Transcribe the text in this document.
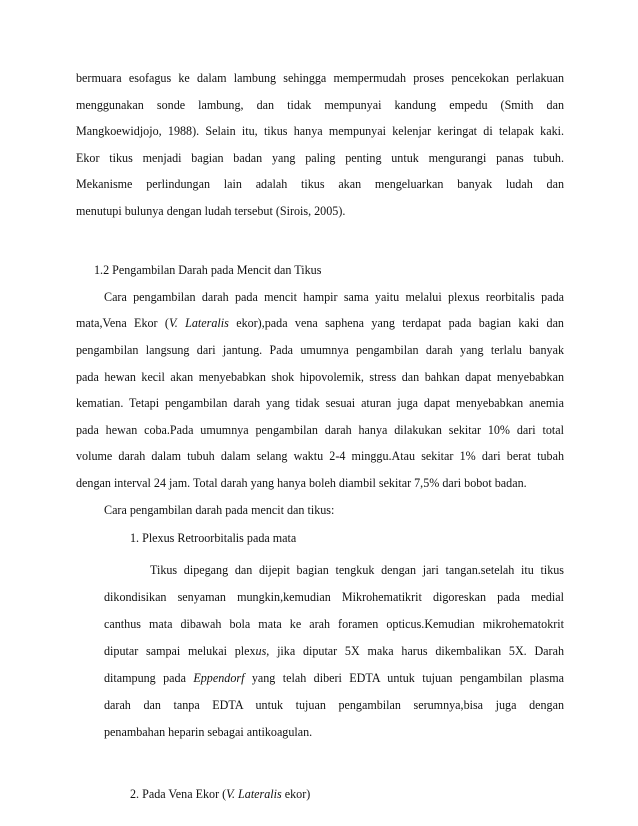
bermuara esofagus ke dalam lambung sehingga mempermudah proses pencekokan perlakuan
menggunakan sonde lambung, dan tidak mempunyai kandung empedu (Smith dan
Mangkoewidjojo, 1988). Selain itu, tikus hanya mempunyai kelenjar keringat di telapak kaki.
Ekor tikus menjadi bagian badan yang paling penting untuk mengurangi panas tubuh.
Mekanisme perlindungan lain adalah tikus akan mengeluarkan banyak ludah dan
menutupi bulunya dengan ludah tersebut (Sirois, 2005).
1.2 Pengambilan Darah pada Mencit dan Tikus
Cara pengambilan darah pada mencit hampir sama yaitu melalui plexus reorbitalis pada
mata,Vena Ekor (V. Lateralis ekor),pada vena saphena yang terdapat pada bagian kaki dan
pengambilan langsung dari jantung. Pada umumnya pengambilan darah yang terlalu banyak
pada hewan kecil akan menyebabkan shok hipovolemik, stress dan bahkan dapat menyebabkan
kematian. Tetapi pengambilan darah yang tidak sesuai aturan juga dapat menyebabkan anemia
pada hewan coba.Pada umumnya pengambilan darah hanya dilakukan sekitar 10% dari total
volume darah dalam tubuh dalam selang waktu 2-4 minggu.Atau sekitar 1% dari berat tubah
dengan interval 24 jam. Total darah yang hanya boleh diambil sekitar 7,5% dari bobot badan.
Cara pengambilan darah pada mencit dan tikus:
1. Plexus Retroorbitalis pada mata
Tikus dipegang dan dijepit bagian tengkuk dengan jari tangan.setelah itu tikus
dikondisikan senyaman mungkin,kemudian Mikrohematikrit digoreskan pada medial
canthus mata dibawah bola mata ke arah foramen opticus.Kemudian mikrohematokrit
diputar sampai melukai plexus, jika diputar 5X maka harus dikembalikan 5X. Darah
ditampung pada Eppendorf yang telah diberi EDTA untuk tujuan pengambilan plasma
darah dan tanpa EDTA untuk tujuan pengambilan serumnya,bisa juga dengan
penambahan heparin sebagai antikoagulan.
2. Pada Vena Ekor (V. Lateralis ekor)
